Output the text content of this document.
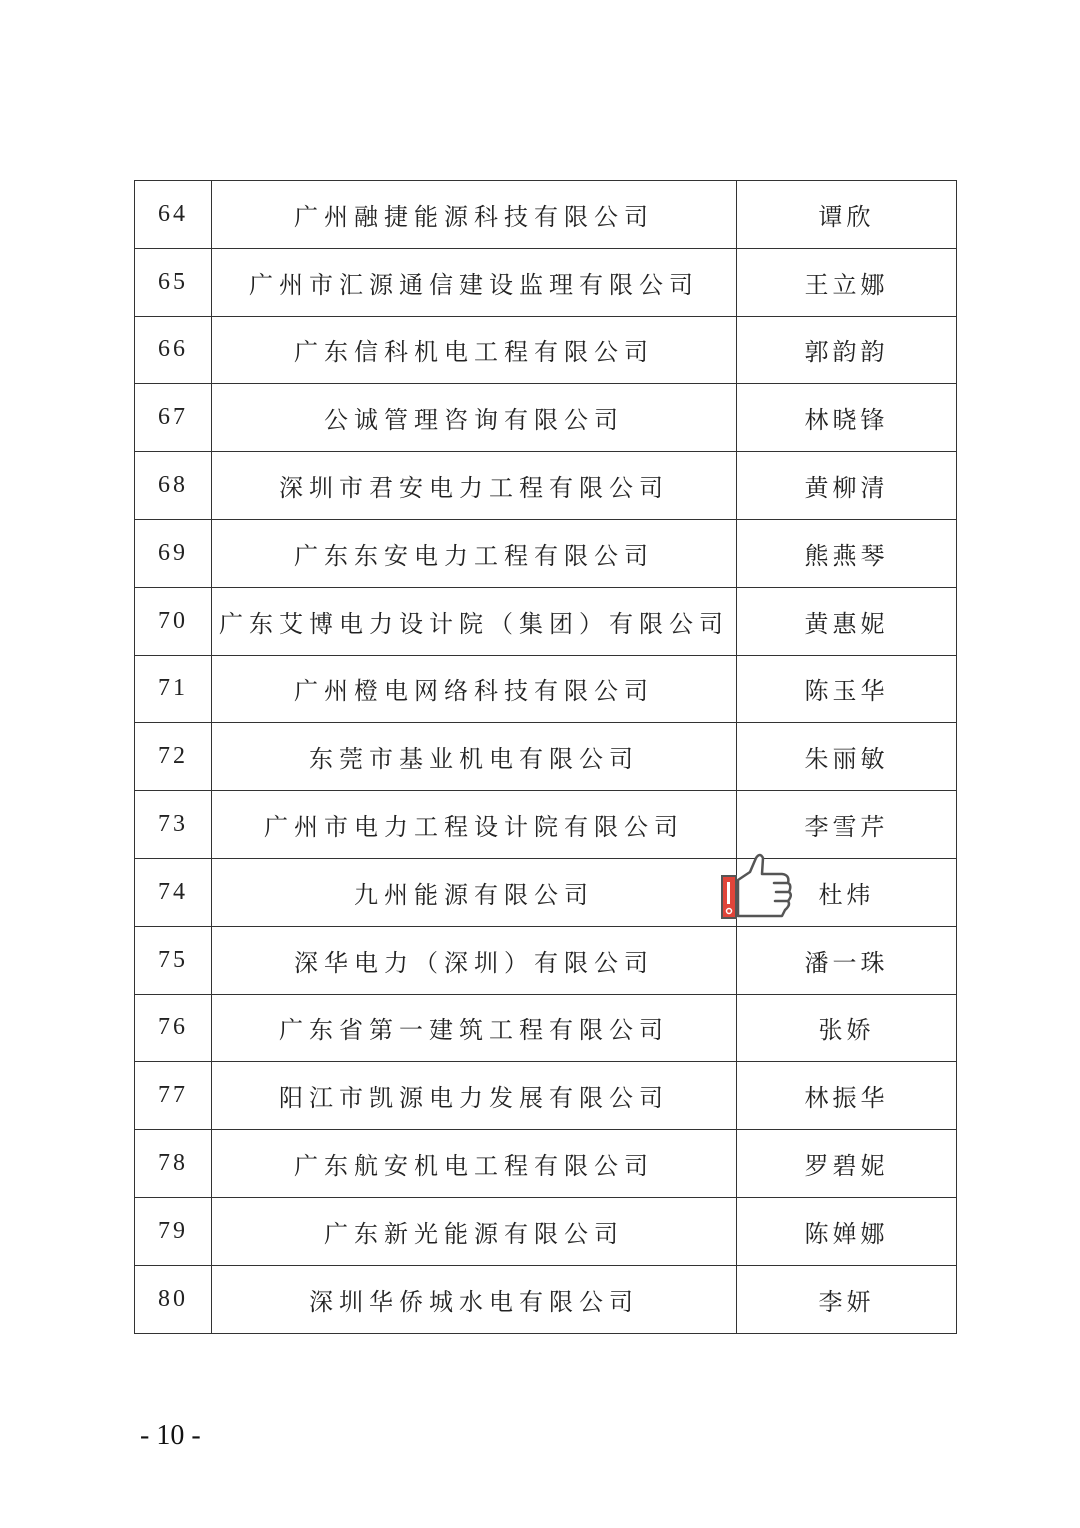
64	广州融捷能源科技有限公司	谭欣
65	广州市汇源通信建设监理有限公司	王立娜
66	广东信科机电工程有限公司	郭韵韵
67	公诚管理咨询有限公司	林晓锋
68	深圳市君安电力工程有限公司	黄柳清
69	广东东安电力工程有限公司	熊燕琴
70	广东艾博电力设计院（集团）有限公司	黄惠妮
71	广州橙电网络科技有限公司	陈玉华
72	东莞市基业机电有限公司	朱丽敏
73	广州市电力工程设计院有限公司	李雪芹
74	九州能源有限公司	杜炜
75	深华电力（深圳）有限公司	潘一珠
76	广东省第一建筑工程有限公司	张娇
77	阳江市凯源电力发展有限公司	林振华
78	广东航安机电工程有限公司	罗碧妮
79	广东新光能源有限公司	陈婵娜
80	深圳华侨城水电有限公司	李妍
- 10 -
